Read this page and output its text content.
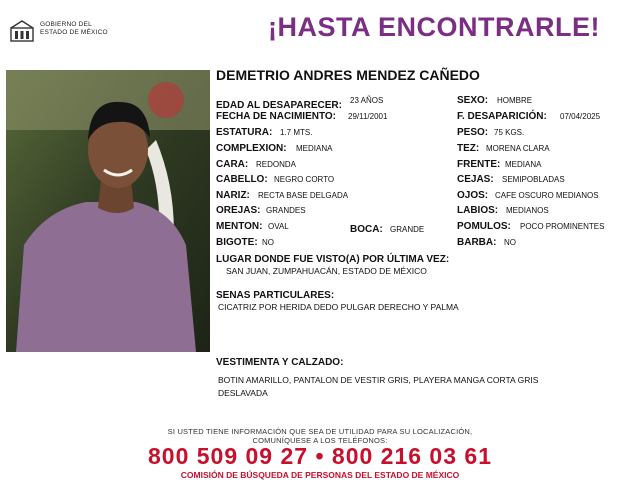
GOBIERNO DEL
ESTADO DE MÉXICO	¡HASTA ENCONTRARLE!
DEMETRIO ANDRES MENDEZ CAÑEDO
EDAD AL DESAPARECER: 23 AÑOS
FECHA DE NACIMIENTO: 29/11/2001
ESTATURA: 1.7 MTS.
COMPLEXION: MEDIANA
CARA: REDONDA
CABELLO: NEGRO CORTO
NARIZ: RECTA BASE DELGADA
OREJAS: GRANDES
MENTON: OVAL
BIGOTE: NO
BOCA: GRANDE
SEXO: HOMBRE
F. DESAPARICIÓN: 07/04/2025
PESO: 75 KGS.
TEZ: MORENA CLARA
FRENTE: MEDIANA
CEJAS: SEMIPOBLADAS
OJOS: CAFE OSCURO MEDIANOS
LABIOS: MEDIANOS
POMULOS: POCO PROMINENTES
BARBA: NO
LUGAR DONDE FUE VISTO(A) POR ÚLTIMA VEZ:
SAN JUAN, ZUMPAHUACÁN, ESTADO DE MÉXICO
SENAS PARTICULARES:
CICATRIZ POR HERIDA DEDO PULGAR DERECHO Y PALMA
VESTIMENTA Y CALZADO:
BOTIN AMARILLO, PANTALON DE VESTIR GRIS, PLAYERA MANGA CORTA GRIS
DESLAVADA
SI USTED TIENE INFORMACIÓN QUE SEA DE UTILIDAD PARA SU LOCALIZACIÓN,
COMUNÍQUESE A LOS TELÉFONOS:
800 509 09 27 • 800 216 03 61
COMISIÓN DE BÚSQUEDA DE PERSONAS DEL ESTADO DE MÉXICO
